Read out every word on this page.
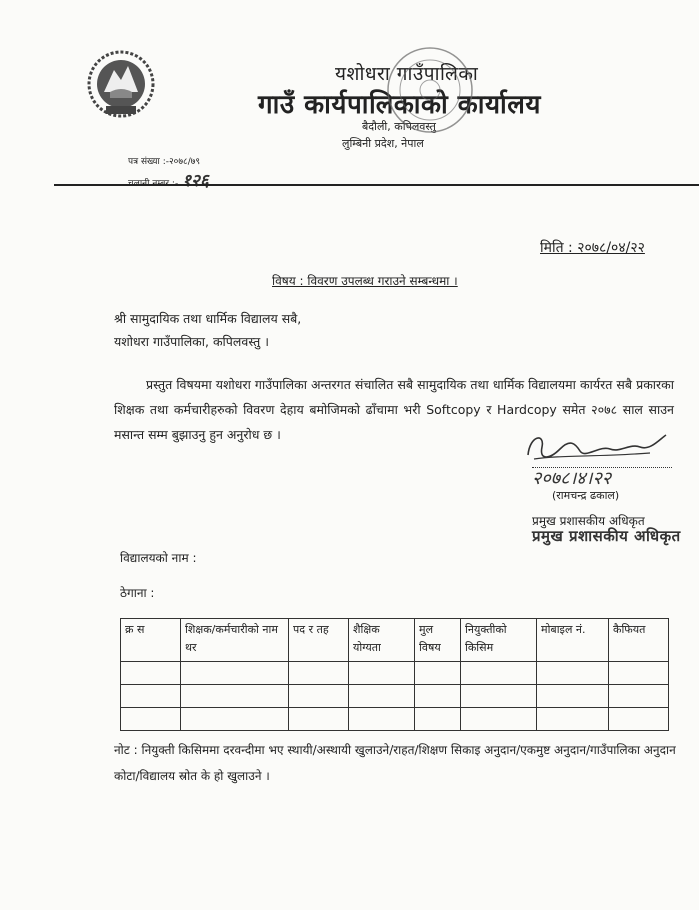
यशोधरा गाउँपालिका
गाउँ कार्यपालिकाको कार्यालय
बैदौली, कपिलवस्तु
लुम्बिनी प्रदेश, नेपाल
पत्र संख्या :-२०७८/७९
चलानी नम्बर :- १२६
मिति : २०७८/०४/२२
विषय : विवरण उपलब्ध गराउने सम्बन्धमा ।
श्री सामुदायिक तथा धार्मिक विद्यालय सबै,
यशोधरा गाउँपालिका, कपिलवस्तु ।
प्रस्तुत विषयमा यशोधरा गाउँपालिका अन्तरगत संचालित सबै सामुदायिक तथा धार्मिक विद्यालयमा कार्यरत सबै प्रकारका शिक्षक तथा कर्मचारीहरुको विवरण देहाय बमोजिमको ढाँचामा भरी Softcopy र Hardcopy समेत २०७८ साल साउन मसान्त सम्म बुझाउनु हुन अनुरोध छ ।
२०७८।४।२२
(रामचन्द्र ढकाल)
प्रमुख प्रशासकीय अधिकृत
प्रमुख प्रशासकीय अधिकृत
विद्यालयको नाम :
ठेगाना :
क्र स	शिक्षक/कर्मचारीको नाम थर	पद र तह	शैक्षिक योग्यता	मुल विषय	नियुक्तीको किसिम	मोबाइल नं.	कैफियत

नोट : नियुक्ती किसिममा दरवन्दीमा भए स्थायी/अस्थायी खुलाउने/राहत/शिक्षण सिकाइ अनुदान/एकमुष्ट अनुदान/गाउँपालिका अनुदान कोटा/विद्यालय स्रोत के हो खुलाउने ।
